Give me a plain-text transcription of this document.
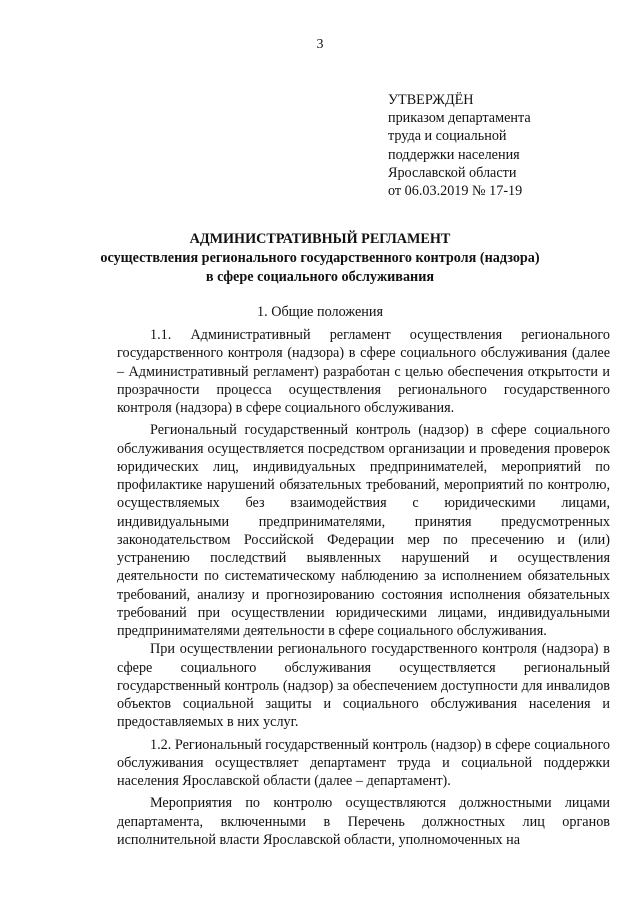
3
УТВЕРЖДЁН
приказом департамента
труда и социальной
поддержки населения
Ярославской области
от 06.03.2019 № 17-19
АДМИНИСТРАТИВНЫЙ РЕГЛАМЕНТ
осуществления регионального государственного контроля (надзора)
в сфере социального обслуживания
1. Общие положения

1.1. Административный регламент осуществления регионального государственного контроля (надзора) в сфере социального обслуживания (далее – Административный регламент) разработан с целью обеспечения открытости и прозрачности процесса осуществления регионального государственного контроля (надзора) в сфере социального обслуживания.

Региональный государственный контроль (надзор) в сфере социального обслуживания осуществляется посредством организации и проведения проверок юридических лиц, индивидуальных предпринимателей, мероприятий по профилактике нарушений обязательных требований, мероприятий по контролю, осуществляемых без взаимодействия с юридическими лицами, индивидуальными предпринимателями, принятия предусмотренных законодательством Российской Федерации мер по пресечению и (или) устранению последствий выявленных нарушений и осуществления деятельности по систематическому наблюдению за исполнением обязательных требований, анализу и прогнозированию состояния исполнения обязательных требований при осуществлении юридическими лицами, индивидуальными предпринимателями деятельности в сфере социального обслуживания.

При осуществлении регионального государственного контроля (надзора) в сфере социального обслуживания осуществляется региональный государственный контроль (надзор) за обеспечением доступности для инвалидов объектов социальной защиты и социального обслуживания населения и предоставляемых в них услуг.

1.2. Региональный государственный контроль (надзор) в сфере социального обслуживания осуществляет департамент труда и социальной поддержки населения Ярославской области (далее – департамент).

Мероприятия по контролю осуществляются должностными лицами департамента, включенными в Перечень должностных лиц органов исполнительной власти Ярославской области, уполномоченных на
